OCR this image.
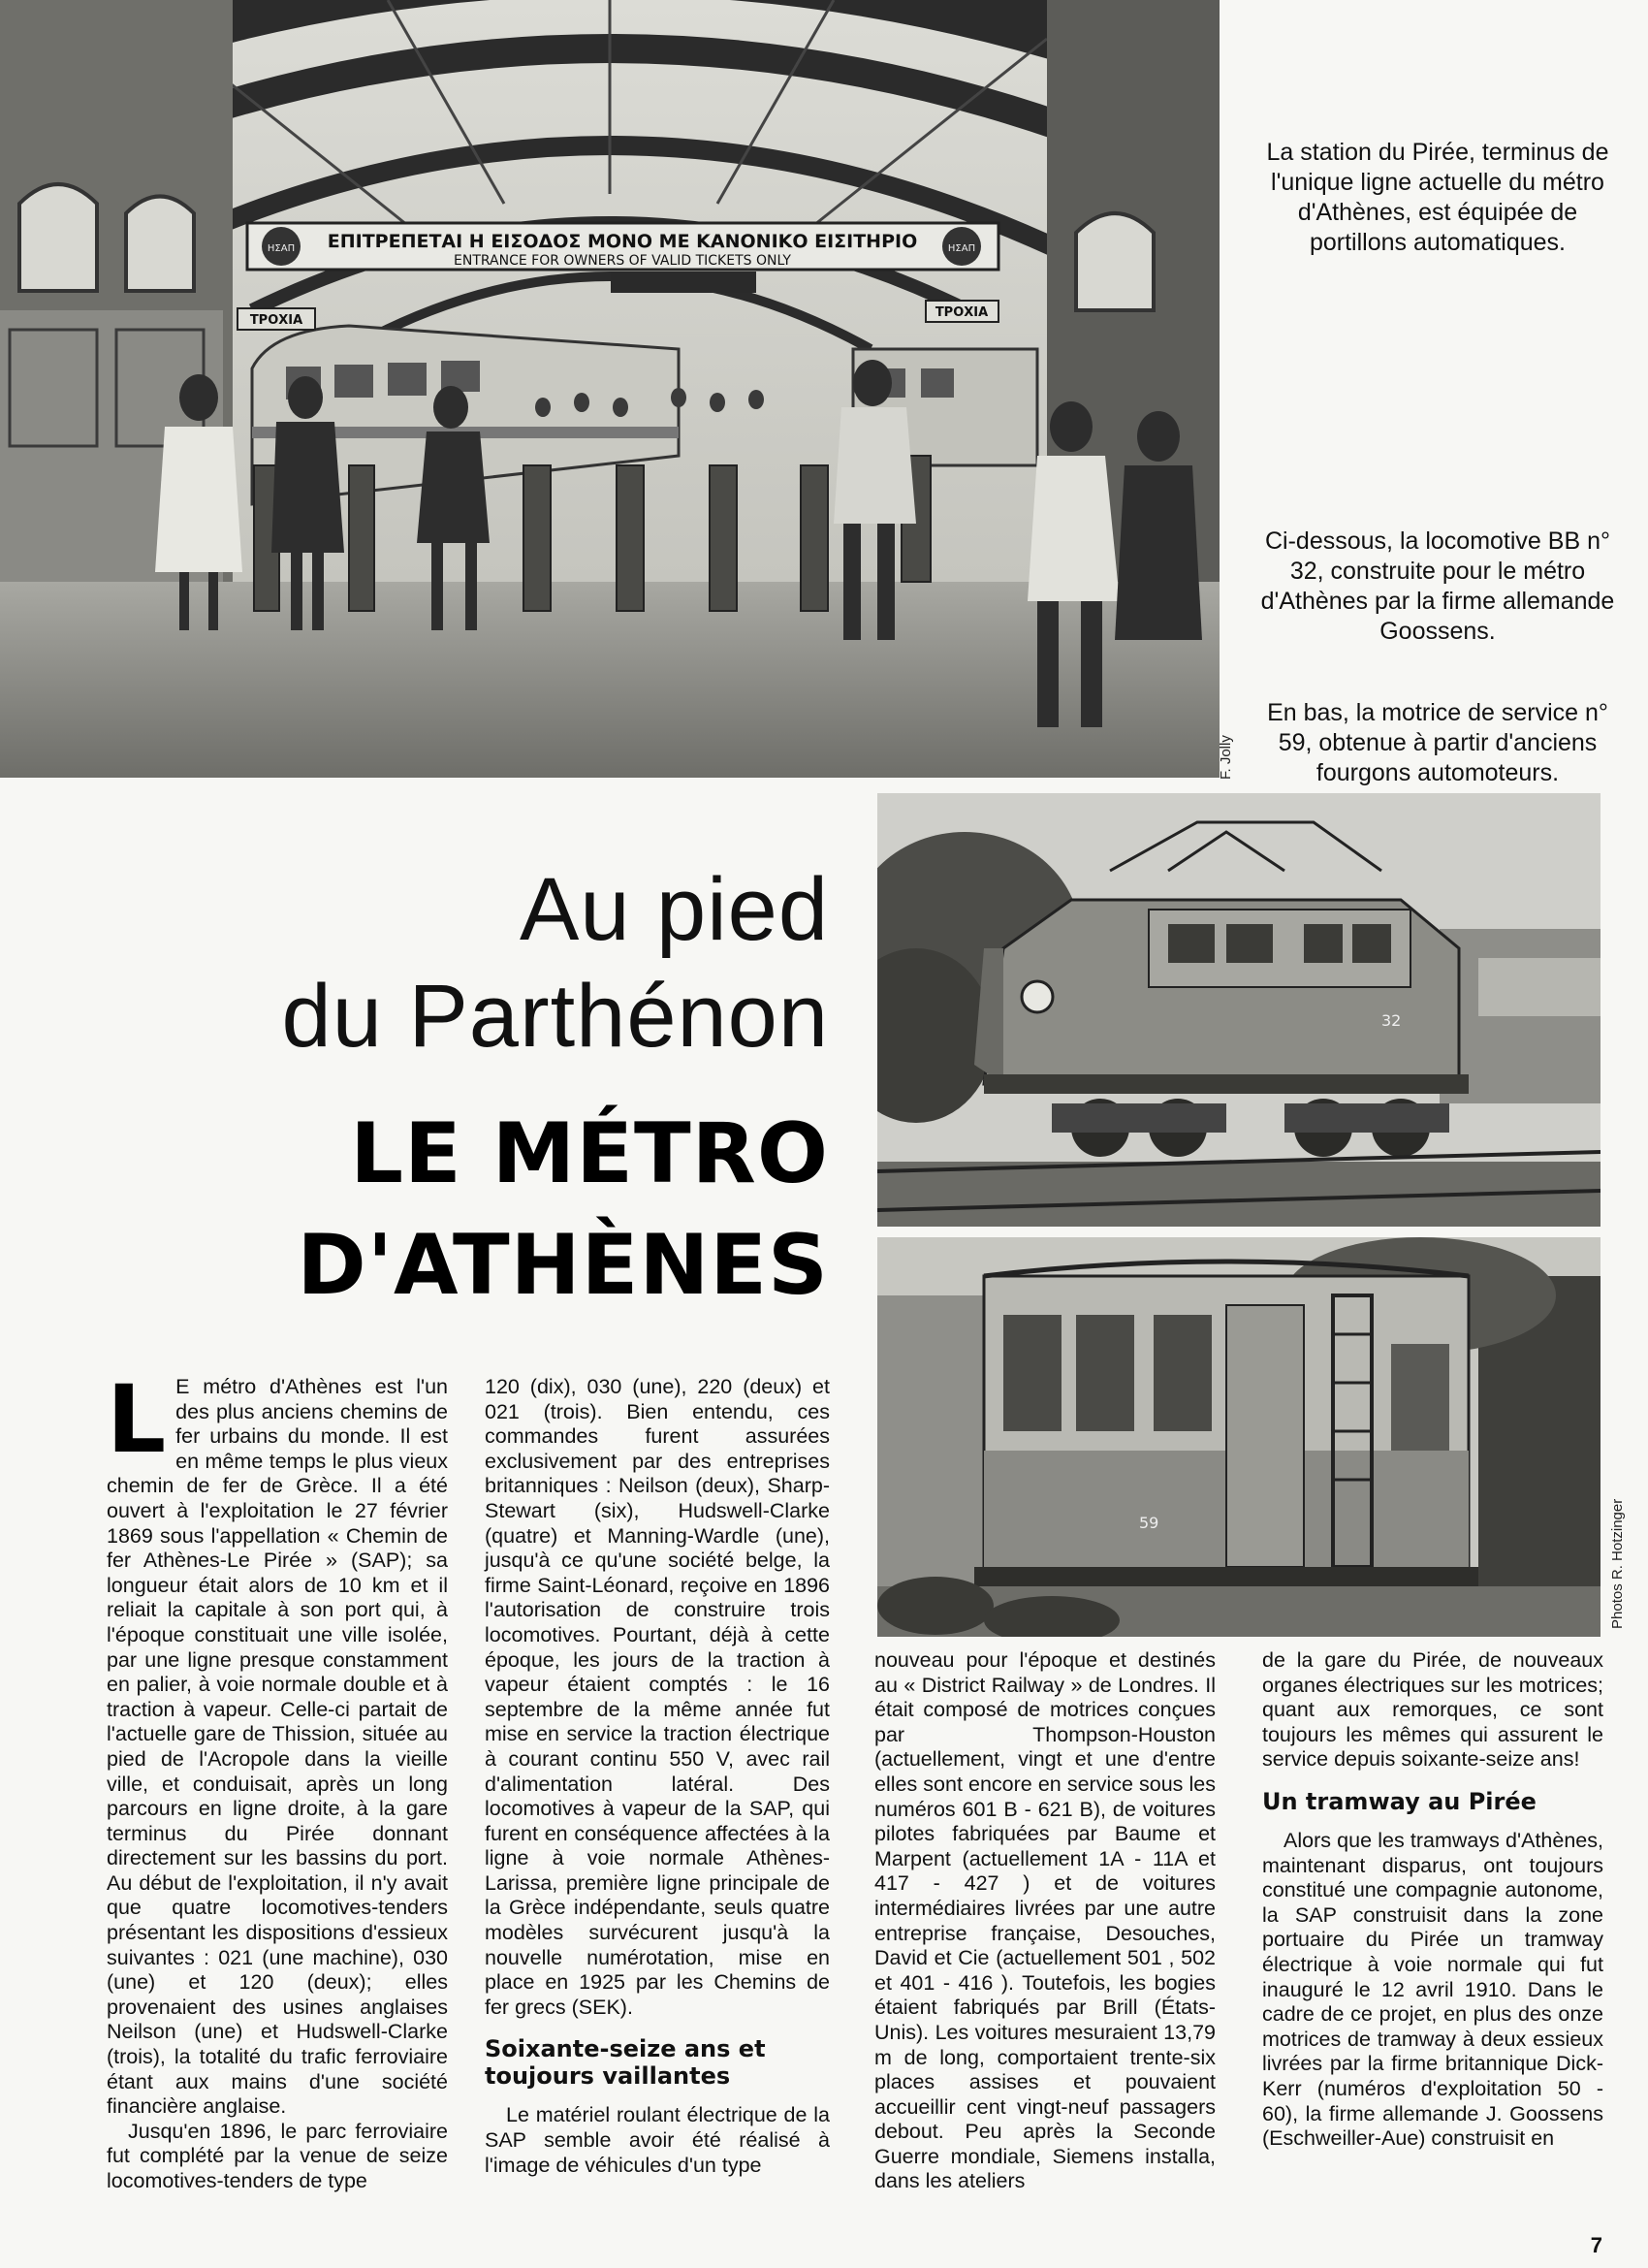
ΕΠΙΤΡΕΠΕΤΑΙ Η ΕΙΣΟΔΟΣ ΜΟΝΟ ΜΕ ΚΑΝΟΝΙΚΟ ΕΙΣΙΤΗΡΙΟ
ENTRANCE FOR OWNERS OF VALID TICKETS ONLY
ΗΣΑΠ	ΗΣΑΠ
ΤΡΟΧΙΑ
ΤΡΟΧΙΑ
F. Jolly
Photos R. Hotzinger
La station du Pirée, terminus de l'unique ligne actuelle du métro d'Athènes, est équipée de portillons automatiques.
Ci-dessous, la locomotive BB n° 32, construite pour le métro d'Athènes par la firme allemande Goossens.
En bas, la motrice de service n° 59, obtenue à partir d'anciens fourgons automoteurs.
32
59
Au pied
du Parthénon
LE MÉTRO
D'ATHÈNES

L E métro d'Athènes est l'un des plus anciens chemins de fer urbains du monde. Il est en même temps le plus vieux chemin de fer de Grèce. Il a été ouvert à l'exploitation le 27 février 1869 sous l'appellation « Chemin de fer Athènes-Le Pirée » (SAP); sa longueur était alors de 10 km et il reliait la capitale à son port qui, à l'époque constituait une ville isolée, par une ligne presque constamment en palier, à voie normale double et à traction à vapeur. Celle-ci partait de l'actuelle gare de Thission, située au pied de l'Acropole dans la vieille ville, et conduisait, après un long parcours en ligne droite, à la gare terminus du Pirée donnant directement sur les bassins du port. Au début de l'exploitation, il n'y avait que quatre locomotives-tenders présentant les dispositions d'essieux suivantes : 021 (une machine), 030 (une) et 120 (deux); elles provenaient des usines anglaises Neilson (une) et Hudswell-Clarke (trois), la totalité du trafic ferroviaire étant aux mains d'une société financière anglaise.

Jusqu'en 1896, le parc ferroviaire fut complété par la venue de seize locomotives-tenders de type

120 (dix), 030 (une), 220 (deux) et 021 (trois). Bien entendu, ces commandes furent assurées exclusivement par des entreprises britanniques : Neilson (deux), Sharp-Stewart (six), Hudswell-Clarke (quatre) et Manning-Wardle (une), jusqu'à ce qu'une société belge, la firme Saint-Léonard, reçoive en 1896 l'autorisation de construire trois locomotives. Pourtant, déjà à cette époque, les jours de la traction à vapeur étaient comptés : le 16 septembre de la même année fut mise en service la traction électrique à courant continu 550 V, avec rail d'alimentation latéral. Des locomotives à vapeur de la SAP, qui furent en conséquence affectées à la ligne à voie normale Athènes-Larissa, première ligne principale de la Grèce indépendante, seuls quatre modèles survécurent jusqu'à la nouvelle numérotation, mise en place en 1925 par les Chemins de fer grecs (SEK).

Soixante-seize ans et toujours vaillantes

Le matériel roulant électrique de la SAP semble avoir été réalisé à l'image de véhicules d'un type

nouveau pour l'époque et destinés au « District Railway » de Londres. Il était composé de motrices conçues par Thompson-Houston (actuellement, vingt et une d'entre elles sont encore en service sous les numéros 601 B - 621 B), de voitures pilotes fabriquées par Baume et Marpent (actuellement 1A - 11A et 417 - 427 ) et de voitures intermédiaires livrées par une autre entreprise française, Desouches, David et Cie (actuellement 501 , 502 et 401 - 416 ). Toutefois, les bogies étaient fabriqués par Brill (États-Unis). Les voitures mesuraient 13,79 m de long, comportaient trente-six places assises et pouvaient accueillir cent vingt-neuf passagers debout. Peu après la Seconde Guerre mondiale, Siemens installa, dans les ateliers

de la gare du Pirée, de nouveaux organes électriques sur les motrices; quant aux remorques, ce sont toujours les mêmes qui assurent le service depuis soixante-seize ans!

Un tramway au Pirée

Alors que les tramways d'Athènes, maintenant disparus, ont toujours constitué une compagnie autonome, la SAP construisit dans la zone portuaire du Pirée un tramway électrique à voie normale qui fut inauguré le 12 avril 1910. Dans le cadre de ce projet, en plus des onze motrices de tramway à deux essieux livrées par la firme britannique Dick-Kerr (numéros d'exploitation 50 - 60), la firme allemande J. Goossens (Eschweiller-Aue) construisit en

7
